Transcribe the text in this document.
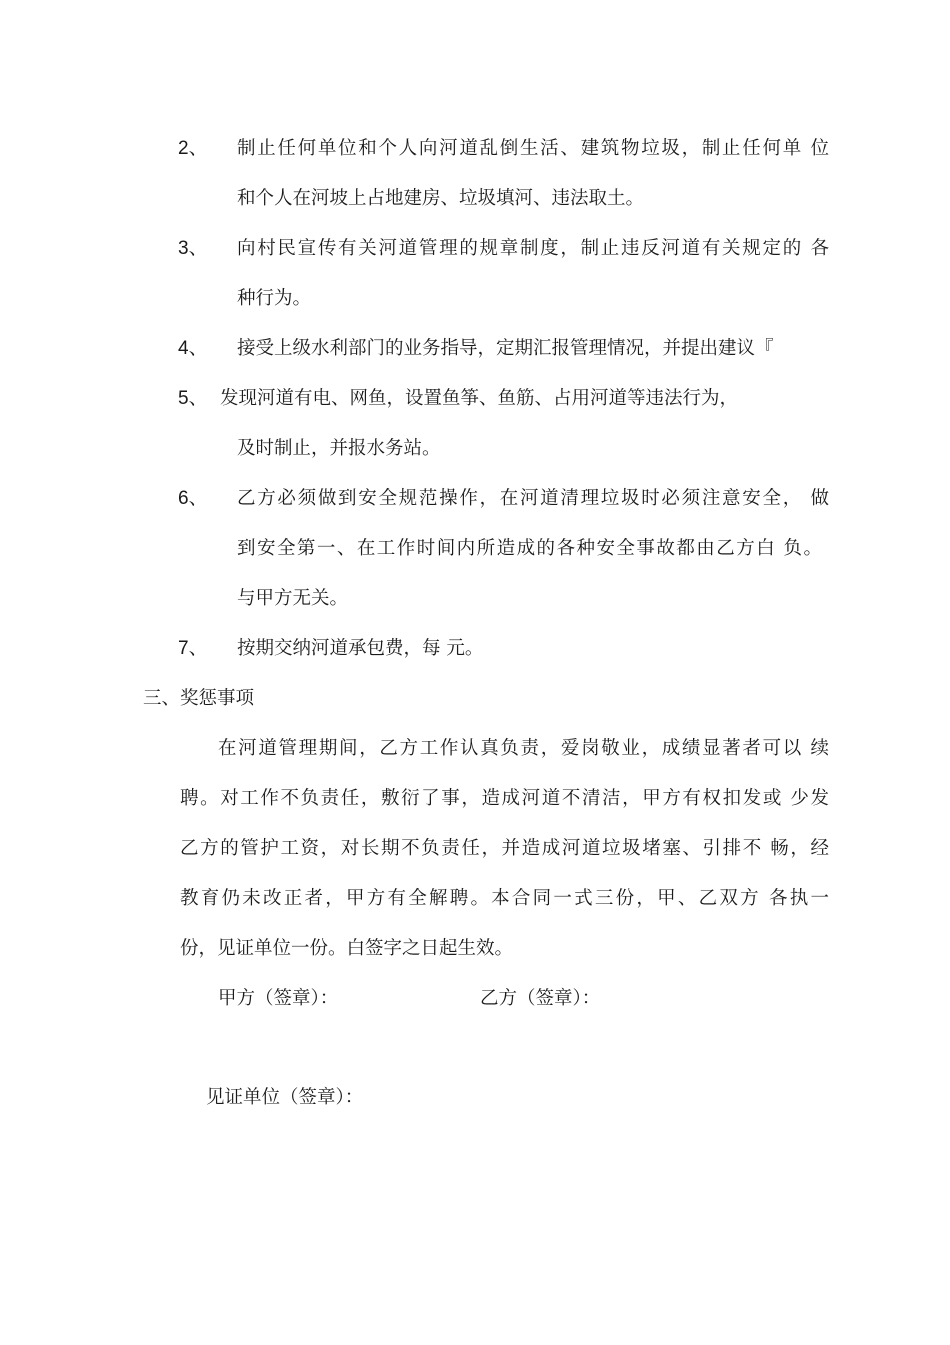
2、 制止任何单位和个人向河道乱倒生活、建筑物垃圾，制止任何单 位
和个人在河坡上占地建房、垃圾填河、违法取土。
3、 向村民宣传有关河道管理的规章制度，制止违反河道有关规定的 各
种行为。
4、 接受上级水利部门的业务指导，定期汇报管理情况，并提出建议『
5、 发现河道有电、网鱼，设置鱼筝、鱼筋、占用河道等违法行为，
及时制止，并报水务站。
6、 乙方必须做到安全规范操作，在河道清理垃圾时必须注意安全， 做
到安全第一、在工作时间内所造成的各种安全事故都由乙方白 负。
与甲方无关。
7、 按期交纳河道承包费，每 元。
三、奖惩事项
在河道管理期间，乙方工作认真负责，爱岗敬业，成绩显著者可以 续
聘。对工作不负责任，敷衍了事，造成河道不清洁，甲方有权扣发或 少发
乙方的管护工资，对长期不负责任，并造成河道垃圾堵塞、引排不 畅，经
教育仍未改正者，甲方有全解聘。本合同一式三份，甲、乙双方 各执一
份，见证单位一份。白签字之日起生效。
甲方（签章）：	乙方（签章）：
见证单位（签章）：
